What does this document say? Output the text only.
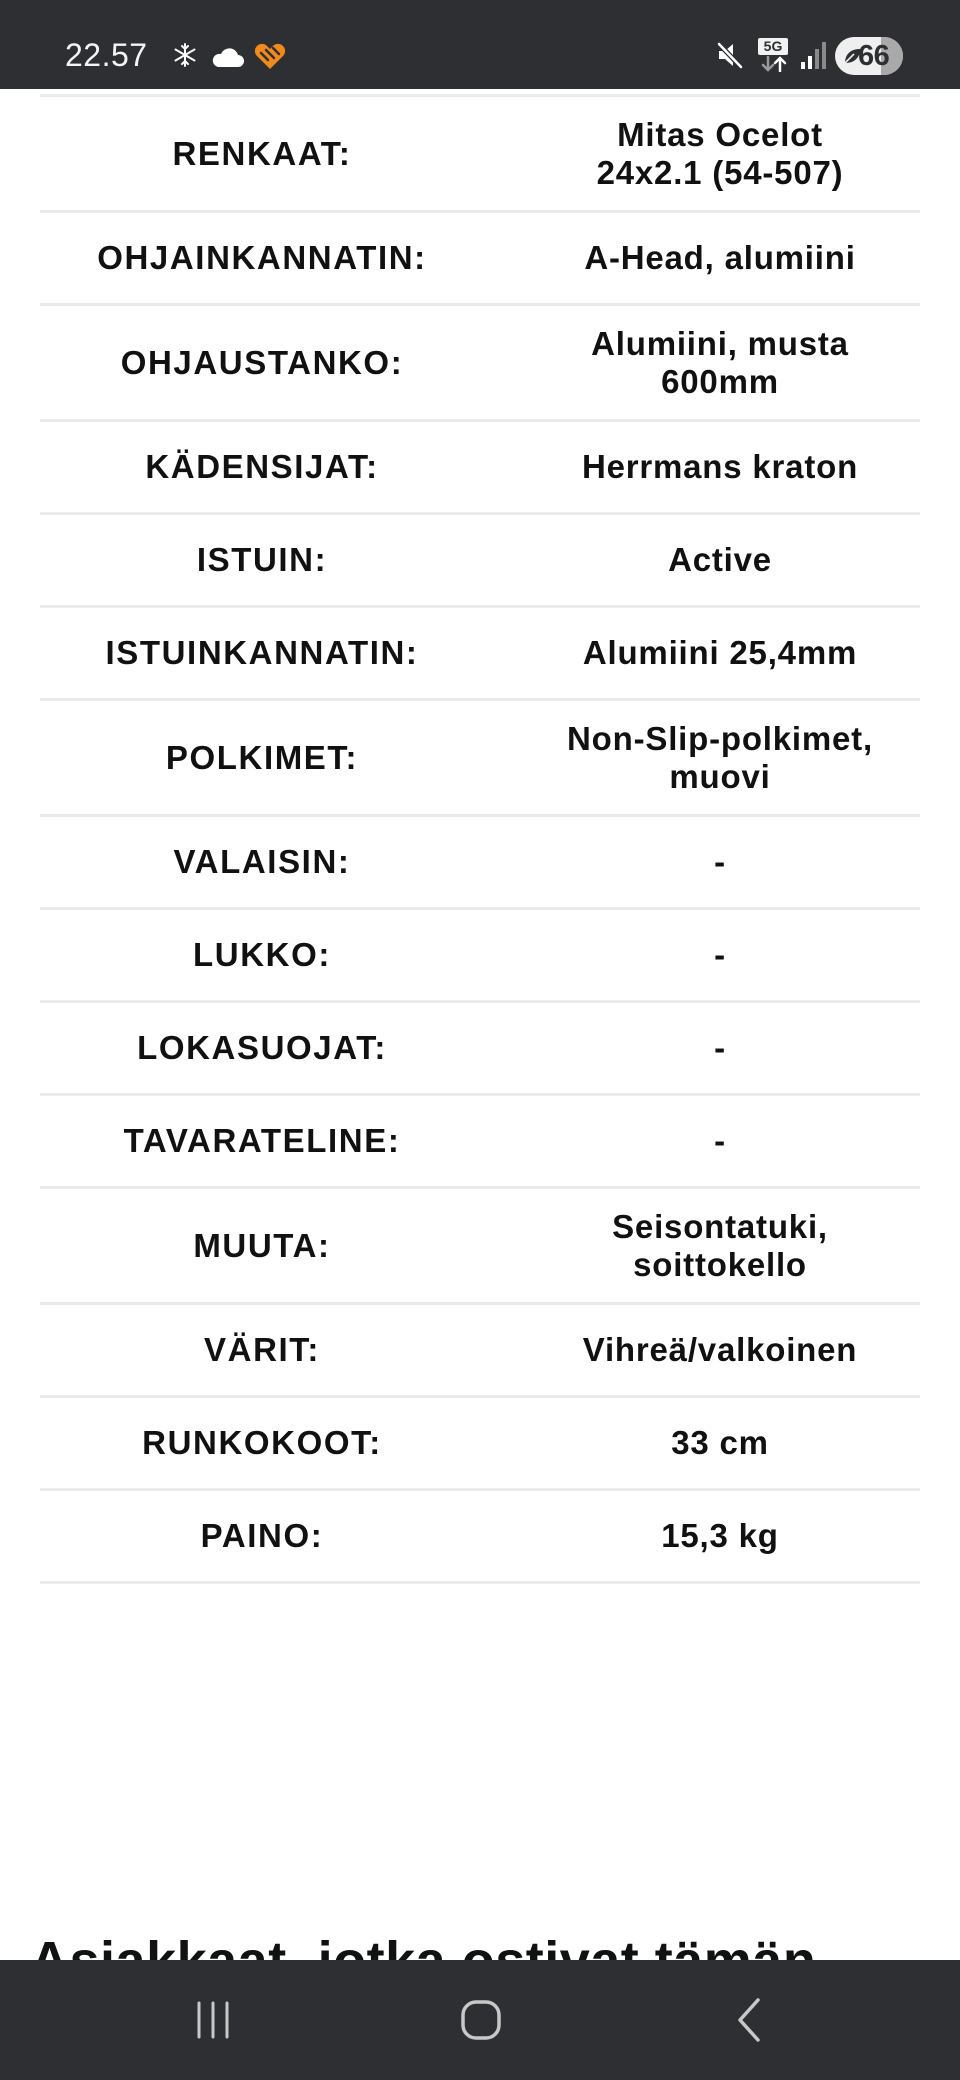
22.57	5G	66
RENKAAT:
Mitas Ocelot
24x2.1 (54-507)
OHJAINKANNATIN:	A-Head, alumiini
OHJAUSTANKO:
Alumiini, musta
600mm
KÄDENSIJAT:	Herrmans kraton
ISTUIN:	Active
ISTUINKANNATIN:	Alumiini 25,4mm
POLKIMET:
Non-Slip-polkimet,
muovi
VALAISIN:	-
LUKKO:	-
LOKASUOJAT:	-
TAVARATELINE:	-
MUUTA:
Seisontatuki,
soittokello
VÄRIT:	Vihreä/valkoinen
RUNKOKOOT:	33 cm
PAINO:	15,3 kg
